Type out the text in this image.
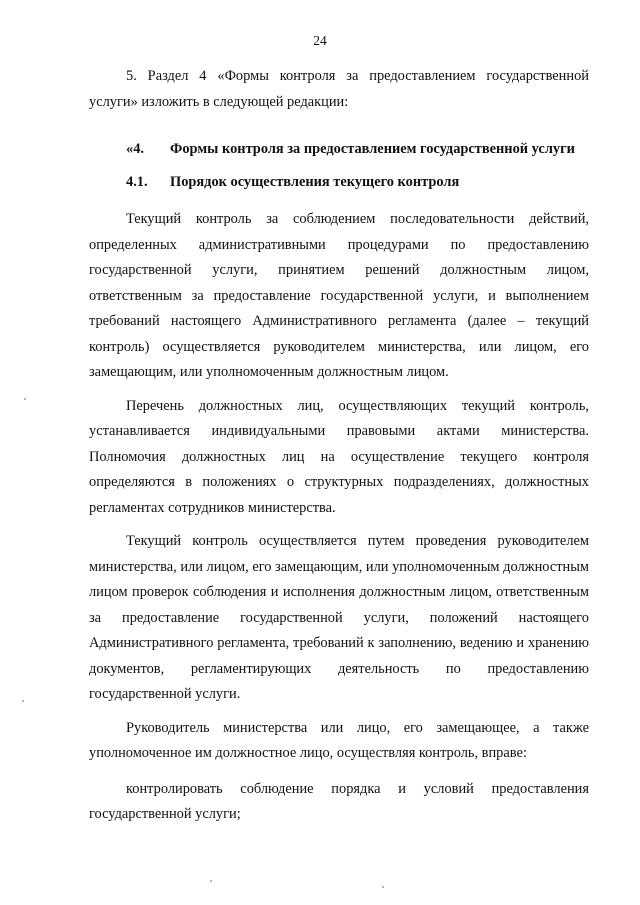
24

5. Раздел 4 «Формы контроля за предоставлением государственной услуги» изложить в следующей редакции:

«4. Формы контроля за предоставлением государственной услуги
4.1. Порядок осуществления текущего контроля

Текущий контроль за соблюдением последовательности действий, определенных административными процедурами по предоставлению государственной услуги, принятием решений должностным лицом, ответственным за предоставление государственной услуги, и выполнением требований настоящего Административного регламента (далее – текущий контроль) осуществляется руководителем министерства, или лицом, его замещающим, или уполномоченным должностным лицом.

Перечень должностных лиц, осуществляющих текущий контроль, устанавливается индивидуальными правовыми актами министерства. Полномочия должностных лиц на осуществление текущего контроля определяются в положениях о структурных подразделениях, должностных регламентах сотрудников министерства.

Текущий контроль осуществляется путем проведения руководителем министерства, или лицом, его замещающим, или уполномоченным должностным лицом проверок соблюдения и исполнения должностным лицом, ответственным за предоставление государственной услуги, положений настоящего Административного регламента, требований к заполнению, ведению и хранению документов, регламентирующих деятельность по предоставлению государственной услуги.

Руководитель министерства или лицо, его замещающее, а также уполномоченное им должностное лицо, осуществляя контроль, вправе:

контролировать соблюдение порядка и условий предоставления государственной услуги;
